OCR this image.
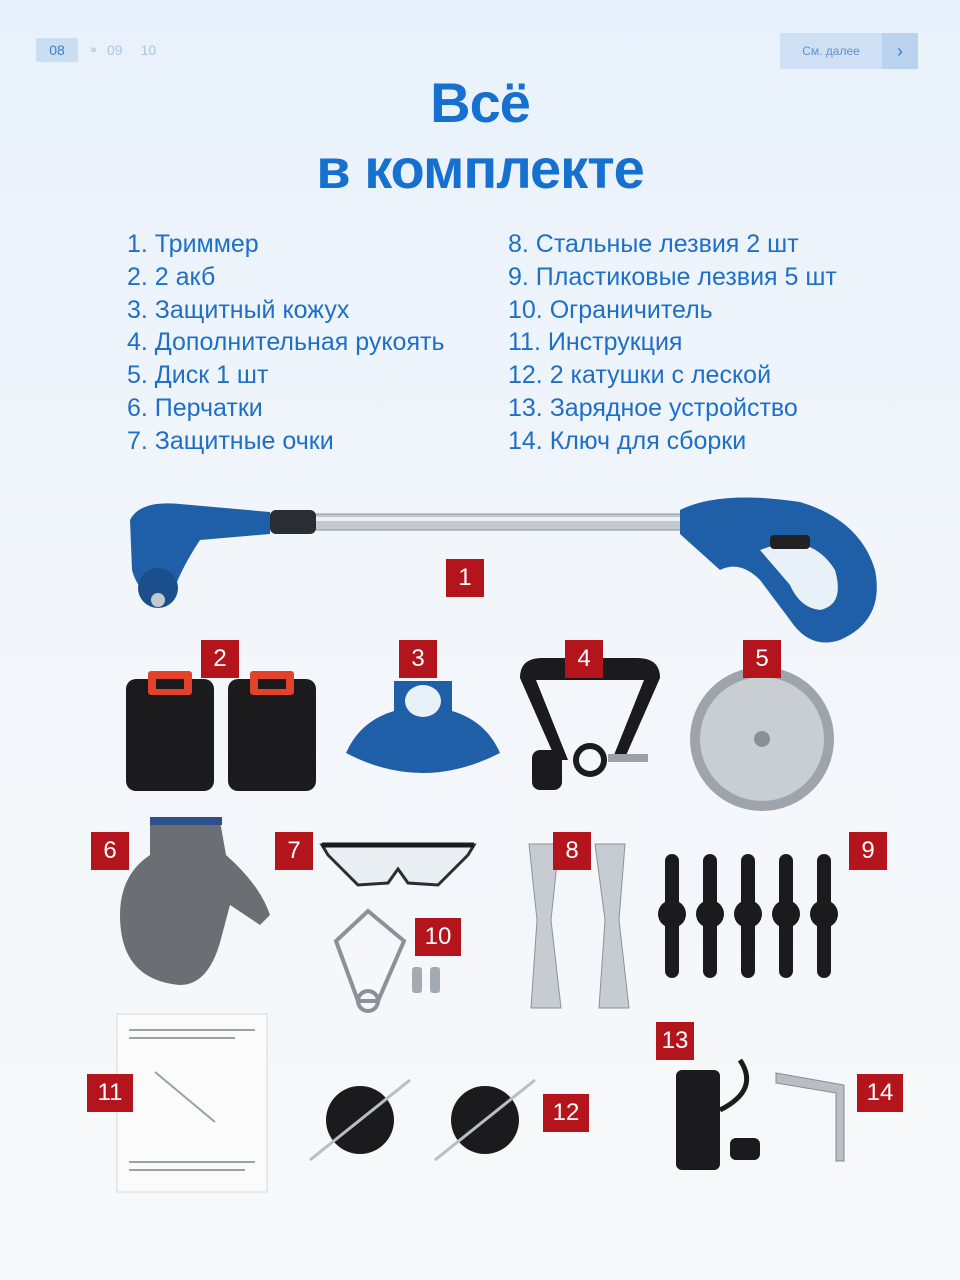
08	››› 09 10	См. далее	›
Всё
в комплекте
1. Триммер
2. 2 акб
3. Защитный кожух
4. Дополнительная рукоять
5. Диск 1 шт
6. Перчатки
7. Защитные очки
8. Стальные лезвия 2 шт
9. Пластиковые лезвия 5 шт
10. Ограничитель
11. Инструкция
12. 2 катушки с леской
13. Зарядное устройство
14. Ключ для сборки
1
2	3	4	5
6	7	8	9
10
11
12
13
14
